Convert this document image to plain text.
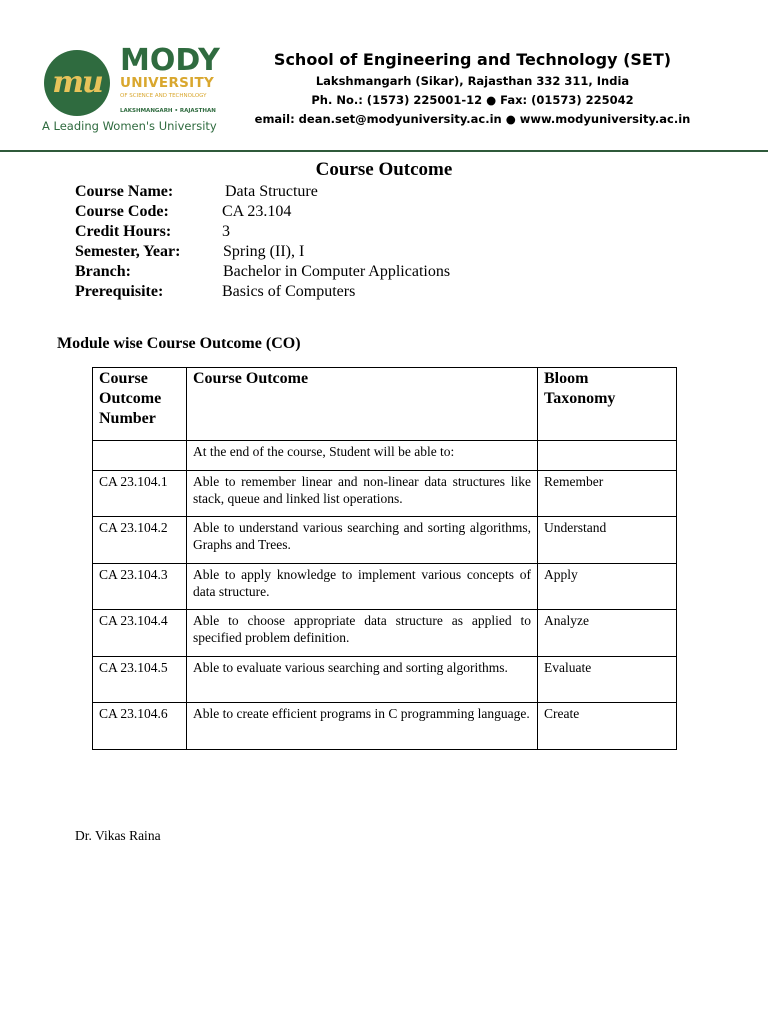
mu
MODY
UNIVERSITY
OF SCIENCE AND TECHNOLOGY
LAKSHMANGARH • RAJASTHAN
A Leading Women's University
School of Engineering and Technology (SET)
Lakshmangarh (Sikar), Rajasthan 332 311, India
Ph. No.: (1573) 225001-12 ● Fax: (01573) 225042
email: dean.set@modyuniversity.ac.in ● www.modyuniversity.ac.in
Course Outcome
Course Name:	Data Structure
Course Code:	CA 23.104
Credit Hours:	3
Semester, Year:	Spring (II), I
Branch:	Bachelor in Computer Applications
Prerequisite:	Basics of Computers
Module wise Course Outcome (CO)
Course Outcome Number	Course Outcome	Bloom Taxonomy

	At the end of the course, Student will be able to:	
CA 23.104.1	Able to remember linear and non-linear data structures like stack, queue and linked list operations.	Remember
CA 23.104.2	Able to understand various searching and sorting algorithms, Graphs and Trees.	Understand
CA 23.104.3	Able to apply knowledge to implement various concepts of data structure.	Apply
CA 23.104.4	Able to choose appropriate data structure as applied to specified problem definition.	Analyze
CA 23.104.5	Able to evaluate various searching and sorting algorithms.	Evaluate
CA 23.104.6	Able to create efficient programs in C programming language.	Create
Dr. Vikas Raina
